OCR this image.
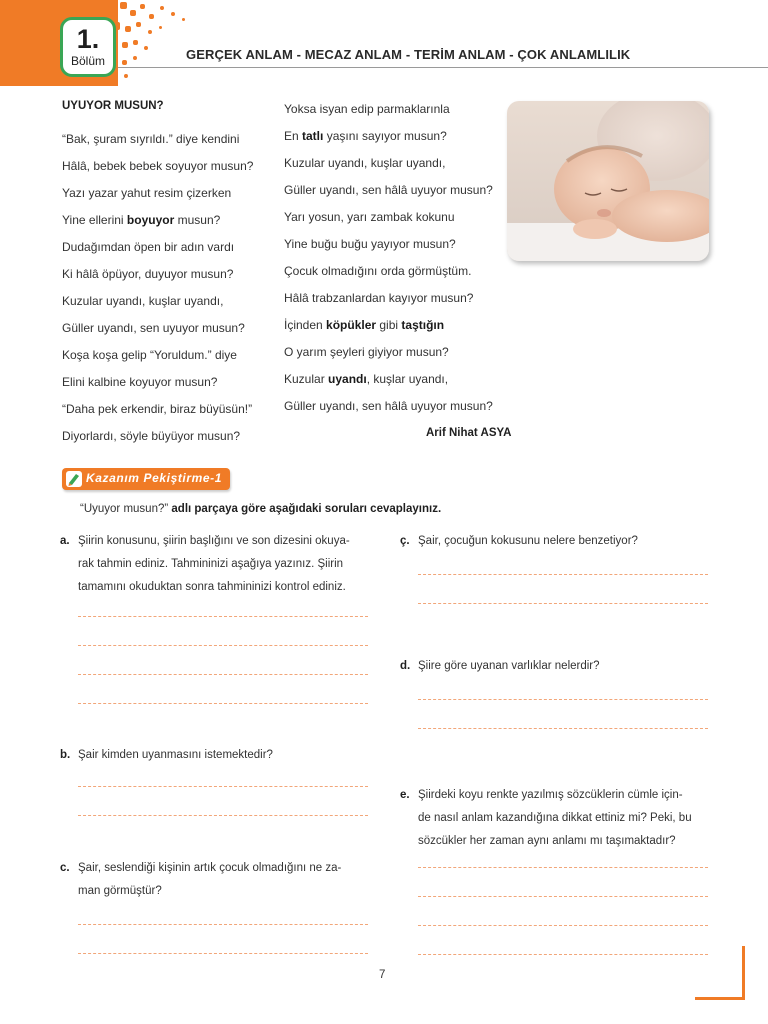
1.
Bölüm	GERÇEK ANLAM - MECAZ ANLAM - TERİM ANLAM - ÇOK ANLAMLILIK
UYUYOR MUSUN?
“Bak, şuram sıyrıldı.” diye kendini
Hâlâ, bebek bebek soyuyor musun?
Yazı yazar yahut resim çizerken
Yine ellerini boyuyor musun?
Dudağımdan öpen bir adın vardı
Ki hâlâ öpüyor, duyuyor musun?
Kuzular uyandı, kuşlar uyandı,
Güller uyandı, sen uyuyor musun?
Koşa koşa gelip “Yoruldum.” diye
Elini kalbine koyuyor musun?
“Daha pek erkendir, biraz büyüsün!”
Diyorlardı, söyle büyüyor musun?
Yoksa isyan edip parmaklarınla
En tatlı yaşını sayıyor musun?
Kuzular uyandı, kuşlar uyandı,
Güller uyandı, sen hâlâ uyuyor musun?
Yarı yosun, yarı zambak kokunu
Yine buğu buğu yayıyor musun?
Çocuk olmadığını orda görmüştüm.
Hâlâ trabzanlardan kayıyor musun?
İçinden köpükler gibi taştığın
O yarım şeyleri giyiyor musun?
Kuzular uyandı, kuşlar uyandı,
Güller uyandı, sen hâlâ uyuyor musun?
Arif Nihat ASYA
Kazanım Pekiştirme-1
“Uyuyor musun?” adlı parçaya göre aşağıdaki soruları cevaplayınız.
a. Şiirin konusunu, şiirin başlığını ve son dizesini okuya-
rak tahmin ediniz. Tahmininizi aşağıya yazınız. Şiirin
tamamını okuduktan sonra tahmininizi kontrol ediniz.
b. Şair kimden uyanmasını istemektedir?
c. Şair, seslendiği kişinin artık çocuk olmadığını ne za-
man görmüştür?
ç. Şair, çocuğun kokusunu nelere benzetiyor?
d. Şiire göre uyanan varlıklar nelerdir?
e. Şiirdeki koyu renkte yazılmış sözcüklerin cümle için-
de nasıl anlam kazandığına dikkat ettiniz mi? Peki, bu
sözcükler her zaman aynı anlamı mı taşımaktadır?
7
